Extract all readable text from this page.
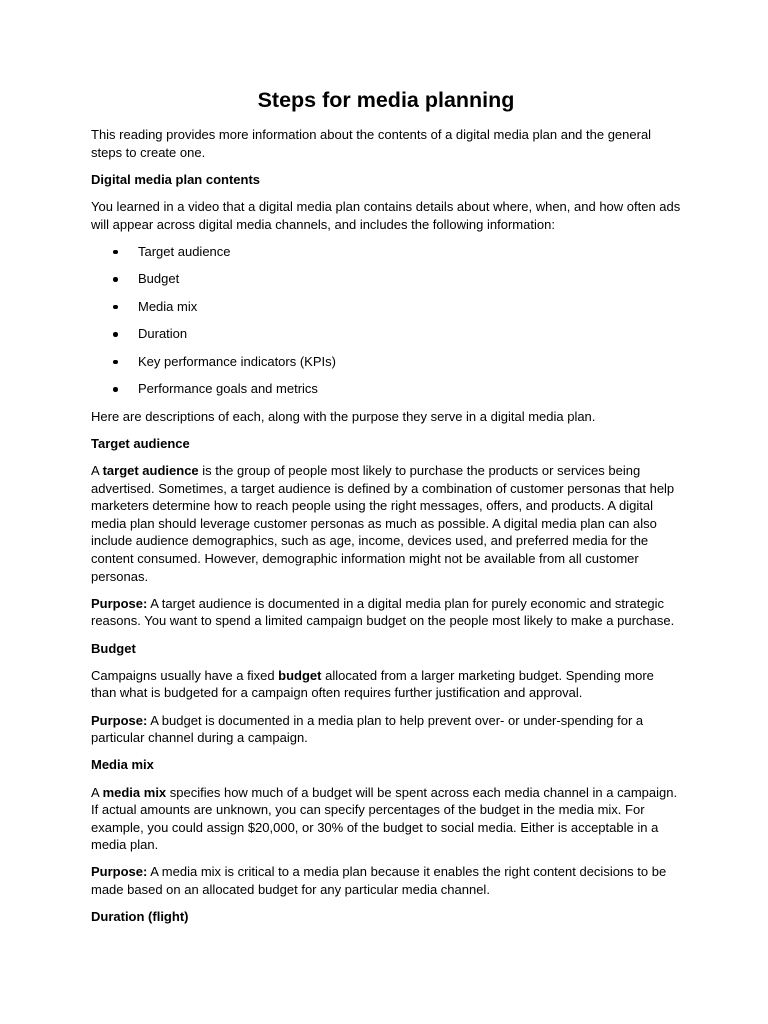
Steps for media planning

This reading provides more information about the contents of a digital media plan and the general steps to create one.

Digital media plan contents

You learned in a video that a digital media plan contains details about where, when, and how often ads will appear across digital media channels, and includes the following information:

Target audience
Budget
Media mix
Duration
Key performance indicators (KPIs)
Performance goals and metrics

Here are descriptions of each, along with the purpose they serve in a digital media plan.

Target audience

A target audience is the group of people most likely to purchase the products or services being advertised. Sometimes, a target audience is defined by a combination of customer personas that help marketers determine how to reach people using the right messages, offers, and products. A digital media plan should leverage customer personas as much as possible. A digital media plan can also include audience demographics, such as age, income, devices used, and preferred media for the content consumed. However, demographic information might not be available from all customer personas.

Purpose: A target audience is documented in a digital media plan for purely economic and strategic reasons. You want to spend a limited campaign budget on the people most likely to make a purchase.

Budget

Campaigns usually have a fixed budget allocated from a larger marketing budget. Spending more than what is budgeted for a campaign often requires further justification and approval.

Purpose: A budget is documented in a media plan to help prevent over- or under-spending for a particular channel during a campaign.

Media mix

A media mix specifies how much of a budget will be spent across each media channel in a campaign. If actual amounts are unknown, you can specify percentages of the budget in the media mix. For example, you could assign $20,000, or 30% of the budget to social media. Either is acceptable in a media plan.

Purpose: A media mix is critical to a media plan because it enables the right content decisions to be made based on an allocated budget for any particular media channel.

Duration (flight)
